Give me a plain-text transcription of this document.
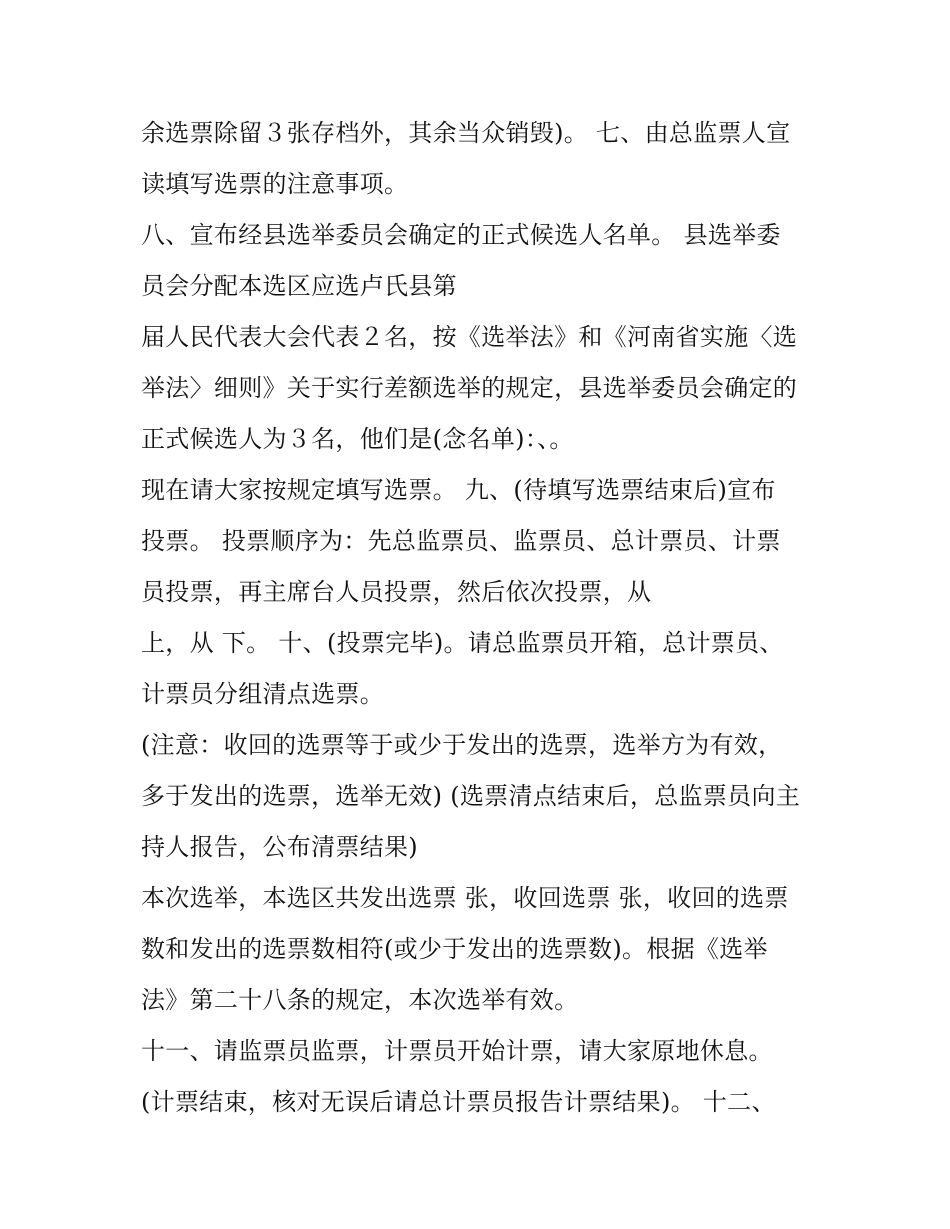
余选票除留３张存档外，其余当众销毁)。 七、由总监票人宣
读填写选票的注意事项。
八、宣布经县选举委员会确定的正式候选人名单。 县选举委
员会分配本选区应选卢氏县第
届人民代表大会代表２名，按《选举法》和《河南省实施〈选
举法〉细则》关于实行差额选举的规定，县选举委员会确定的
正式候选人为３名，他们是(念名单)：、。
现在请大家按规定填写选票。 九、(待填写选票结束后)宣布
投票。 投票顺序为：先总监票员、监票员、总计票员、计票
员投票，再主席台人员投票，然后依次投票，从
上，从 下。 十、(投票完毕)。请总监票员开箱，总计票员、
计票员分组清点选票。
(注意：收回的选票等于或少于发出的选票，选举方为有效，
多于发出的选票，选举无效) (选票清点结束后，总监票员向主
持人报告，公布清票结果)
本次选举，本选区共发出选票 张，收回选票 张，收回的选票
数和发出的选票数相符(或少于发出的选票数)。根据《选举
法》第二十八条的规定，本次选举有效。
十一、请监票员监票，计票员开始计票，请大家原地休息。
(计票结束，核对无误后请总计票员报告计票结果)。 十二、
